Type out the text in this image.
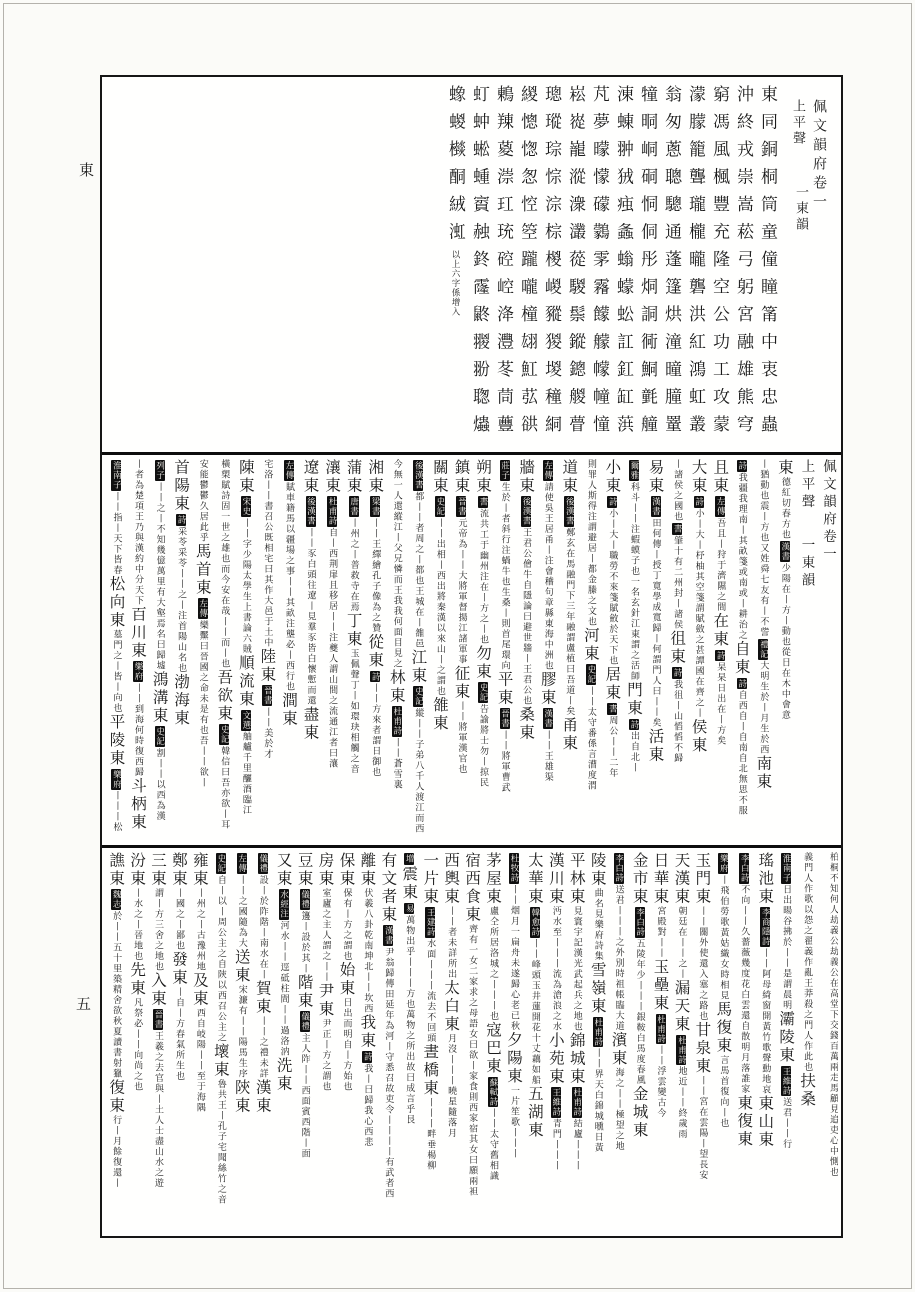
東
五
佩文韻府卷一
上平聲
一東韻
東同銅桐筒童僮瞳筩中衷忠蟲
沖終戎崇嵩菘弓躬宮融雄熊穹
窮馮風楓豐充隆空公功工攻蒙
濛朦籠聾瓏櫳曨礱洪紅鴻虹叢
翁匆蔥聰驄通蓬篷烘潼曈朣罿
犝晍峒硐恫侗彤烔詷衕鮦氃艟
涷蝀翀狨痋螽螉蠓蚣訌釭缸葓
芃夢曚懞礞鸏雺霿饛艨幪幢憧
崧嵸巃漎潨灇蓯騣鬃鏦鏓艐瞢
璁瑽琮悰淙棕椶嵕豵猣堫穜絧
緵憁愡怱悾箜躘嚨橦翃魟苰谼
鶇䍶葼漴玒珫硿崆洚灃苳茼蘴
虰蚛蜙蝩賨赨鉖霳鼨翪翂聦爞
蟓蝬㰊酮絨渱以上六字係增入
佩文韻府卷一
上平聲一東韻
東德紅切春方也漢書少陽在丨方丨動也從日在木中會意
丨猶動也震丨方也又姓舜七友有丨不訾禮記大明生於丨月生於西南東
詩我疆我理南丨其畝箋或南或丨耕治之自東詩自西自丨自南自北無思不服
且東左傳吾且丨狩于濟隰之間在東詩杲杲日出在丨方矣
大東詩小丨大丨杼柚其空箋謂賦斂之甚譚國在齊之丨侯東
丨諸侯之國也書肇十有二州封丨諸侯徂東詩我徂丨山慆慆不歸
易東漢書田何傳丨授丁寬學成寬歸丨何謂門人曰丨丨矣活東
爾雅科斗丨丨注蝦蟆子也一名玄針江東謂之活師門東詩出自北丨
小東詩小丨大丨職勞不來箋賦斂於天下也居東書周公丨丨二年
則罪人斯得注謂避居丨都金縢之文也河東史記丨丨太守番係言漕度渭
道東後漢書鄭玄在馬融門下三年融謂盧植曰吾道丨矣甬東
左傳請使吳王居甬丨注會稽句章縣東海中洲也膠東漢書丨丨王雄渠
牆東後漢書王君公儈牛自隱論曰避世牆丨王君公也桑東
莊子生於丨者斜行注蝸牛也生桑丨則首尾環向平東晉書丨丨將軍曹武
朔東書流共工于幽州注在丨方之丨也勿東史記告諭將士勿丨掠民
鎮東晉書元帝為丨丨大將軍督揚江諸軍事征東丨丨將軍漢官也
關東史記丨丨出相丨西出將秦漢以來山丨之謂也雒東
後漢書都丨丨者周之丨都也王城在丨雒邑江東史記縱丨丨子弟八千人渡江而西
今無一人還縱江丨父兄憐而王我我何面目見之林東杜甫詩丨丨蒼雪裏
湘東梁書丨丨王繹繪孔子像為之贊從東詩丨丨方來者謂日御也
蒲東唐書丨州之丨普救寺在焉丁東玉佩聲丁丨如環玦相觸之音
瀼東杜甫詩自丨西荆扉且移居丨丨注夔人謂山間之流通江者曰瀼
遼東後漢書丨丨豕白頭往遼丨見羣豕皆白懷慙而還盡東
左傳賦車籍馬以疆場之事丨丨其畝注壟必丨西行也澗東
宅洛丨丨書召公既相宅曰其作大邑于土中陸東晉書丨丨美於才
陳東宋史丨丨字少陽太學生上書論六賊順流東文選舳艫千里釃酒臨江
橫槊賦詩固一世之雄也而今安在哉丨丨而丨也吾欲東史記韓信曰吾亦欲丨耳
安能鬱鬱久居此乎馬首東左傳欒黶曰晉國之命未是有也吾丨丨欲丨
首陽東詩采苓采苓丨丨之丨注首陽山名也渤海東
列子丨丨之丨不知幾億萬里有大壑焉名曰歸墟鴻溝東史記割丨丨以西為漢
丨者為楚項王乃與漢約中分天下百川東樂府丨丨到海何時復西歸斗柄東
淮南子丨丨指丨天下皆春松向東墓門之丨皆丨向也平陵東樂府丨丨丨松
柏桐不知何人劫義公劫義公在高堂下交錢百萬兩走馬顧見追吏心中惻也
義門人作歌以怨之翟義作亂王莽殺之門人作此也扶桑
淮南子日出暘谷拂於丨丨是謂晨明灞陵東王維詩送君丨丨行
瑤池東李商隱詩丨丨阿母綺窗開黃竹歌聲動地哀東山東
李白詩不向丨丨久薔薇幾度花白雲還自散明月落誰家東復東
樂府丨飛伯勞歌黃姑織女時相見馬復東言馬首復向丨也
玉門東丨丨關外使還入塞之路也甘泉東丨丨宮在雲陽丨望長安
天漢東朝廷在丨丨之丨漏天東杜甫詩地近丨丨終歲雨
日華東宮殿對丨丨玉壘東杜甫詩丨丨浮雲變古今
金市東李白詩五陵年少丨丨丨銀鞍白馬度春風金城東
李白詩送君丨丨丨之外別時祖帳臨大道濱東海之丨丨極望之地
陵東曲名見樂府詩集雪嶺東杜甫詩丨丨界天白錦城曛日黃
平林東見寰宇記漢光武起兵之地也錦城東杜甫詩結廬丨丨丨
漢川東沔水至丨丨丨流為滄浪之水小苑東王維詩青門丨丨丨
太華東韓愈詩丨丨峰頭玉井蓮開花十丈藕如船五湖東
杜牧詩丨丨烟月一扁舟未遂歸心老已秋夕陽東一片笙歌丨丨丨
茅屋東盧仝所居洛城之丨丨丨也寇巴東蘇軾詩丨丨太守舊相識
宿西食東齊有一女二家求之母語女曰欲丨家食則西家宿其女曰願兩袒
西輿東丨丨者未詳所出太白東月沒丨丨丨曉星隨落月
一片東王建詩水面丨丨丨流去不回頭晝橋東丨丨丨畔垂楊柳
增震東易萬物出乎丨丨丨方也萬物之所出故曰成言乎艮
有文者東漢書尹翁歸傳田延年為河丨守悉召故吏令丨丨丨丨有武者西
離東伏羲八卦乾南坤北丨丨坎西我東詩我丨曰歸我心西悲
保東保有丨方之謂也始東日出而明自丨方始也
房東室廬之主人謂之丨丨尹東尹正丨方之謂也
豆東儀禮籩丨設於其丨階東儀禮主人阼丨丨西面賓西階丨面
又東水經注河水丨丨逕砥柱間丨丨過洛汭洗東
儀禮設丨於阼階丨南水在丨賀東丨丨之禮未詳漢東
左傳丨丨之國隨為大送東宋濂有丨丨陽馬生序陝東
史記自丨以丨周公主之自陝以西召公主之壞東魯共王丨孔子宅聞絲竹之音
雍東丨州之丨古豫州地及東西自岐陽丨丨至于海隅
鄭東丨國之丨鄙也發東丨自丨方春氣所生也
三東謂丨方三舍之地也入東晉書王羲之去官與丨土人士盡山水之遊
汾東丨水之丨晉地也先東凡祭必丨丨向尚之也
譙東魏志於丨丨五十里築精舍欲秋夏讀書射獵復東行丨月餘復還丨
